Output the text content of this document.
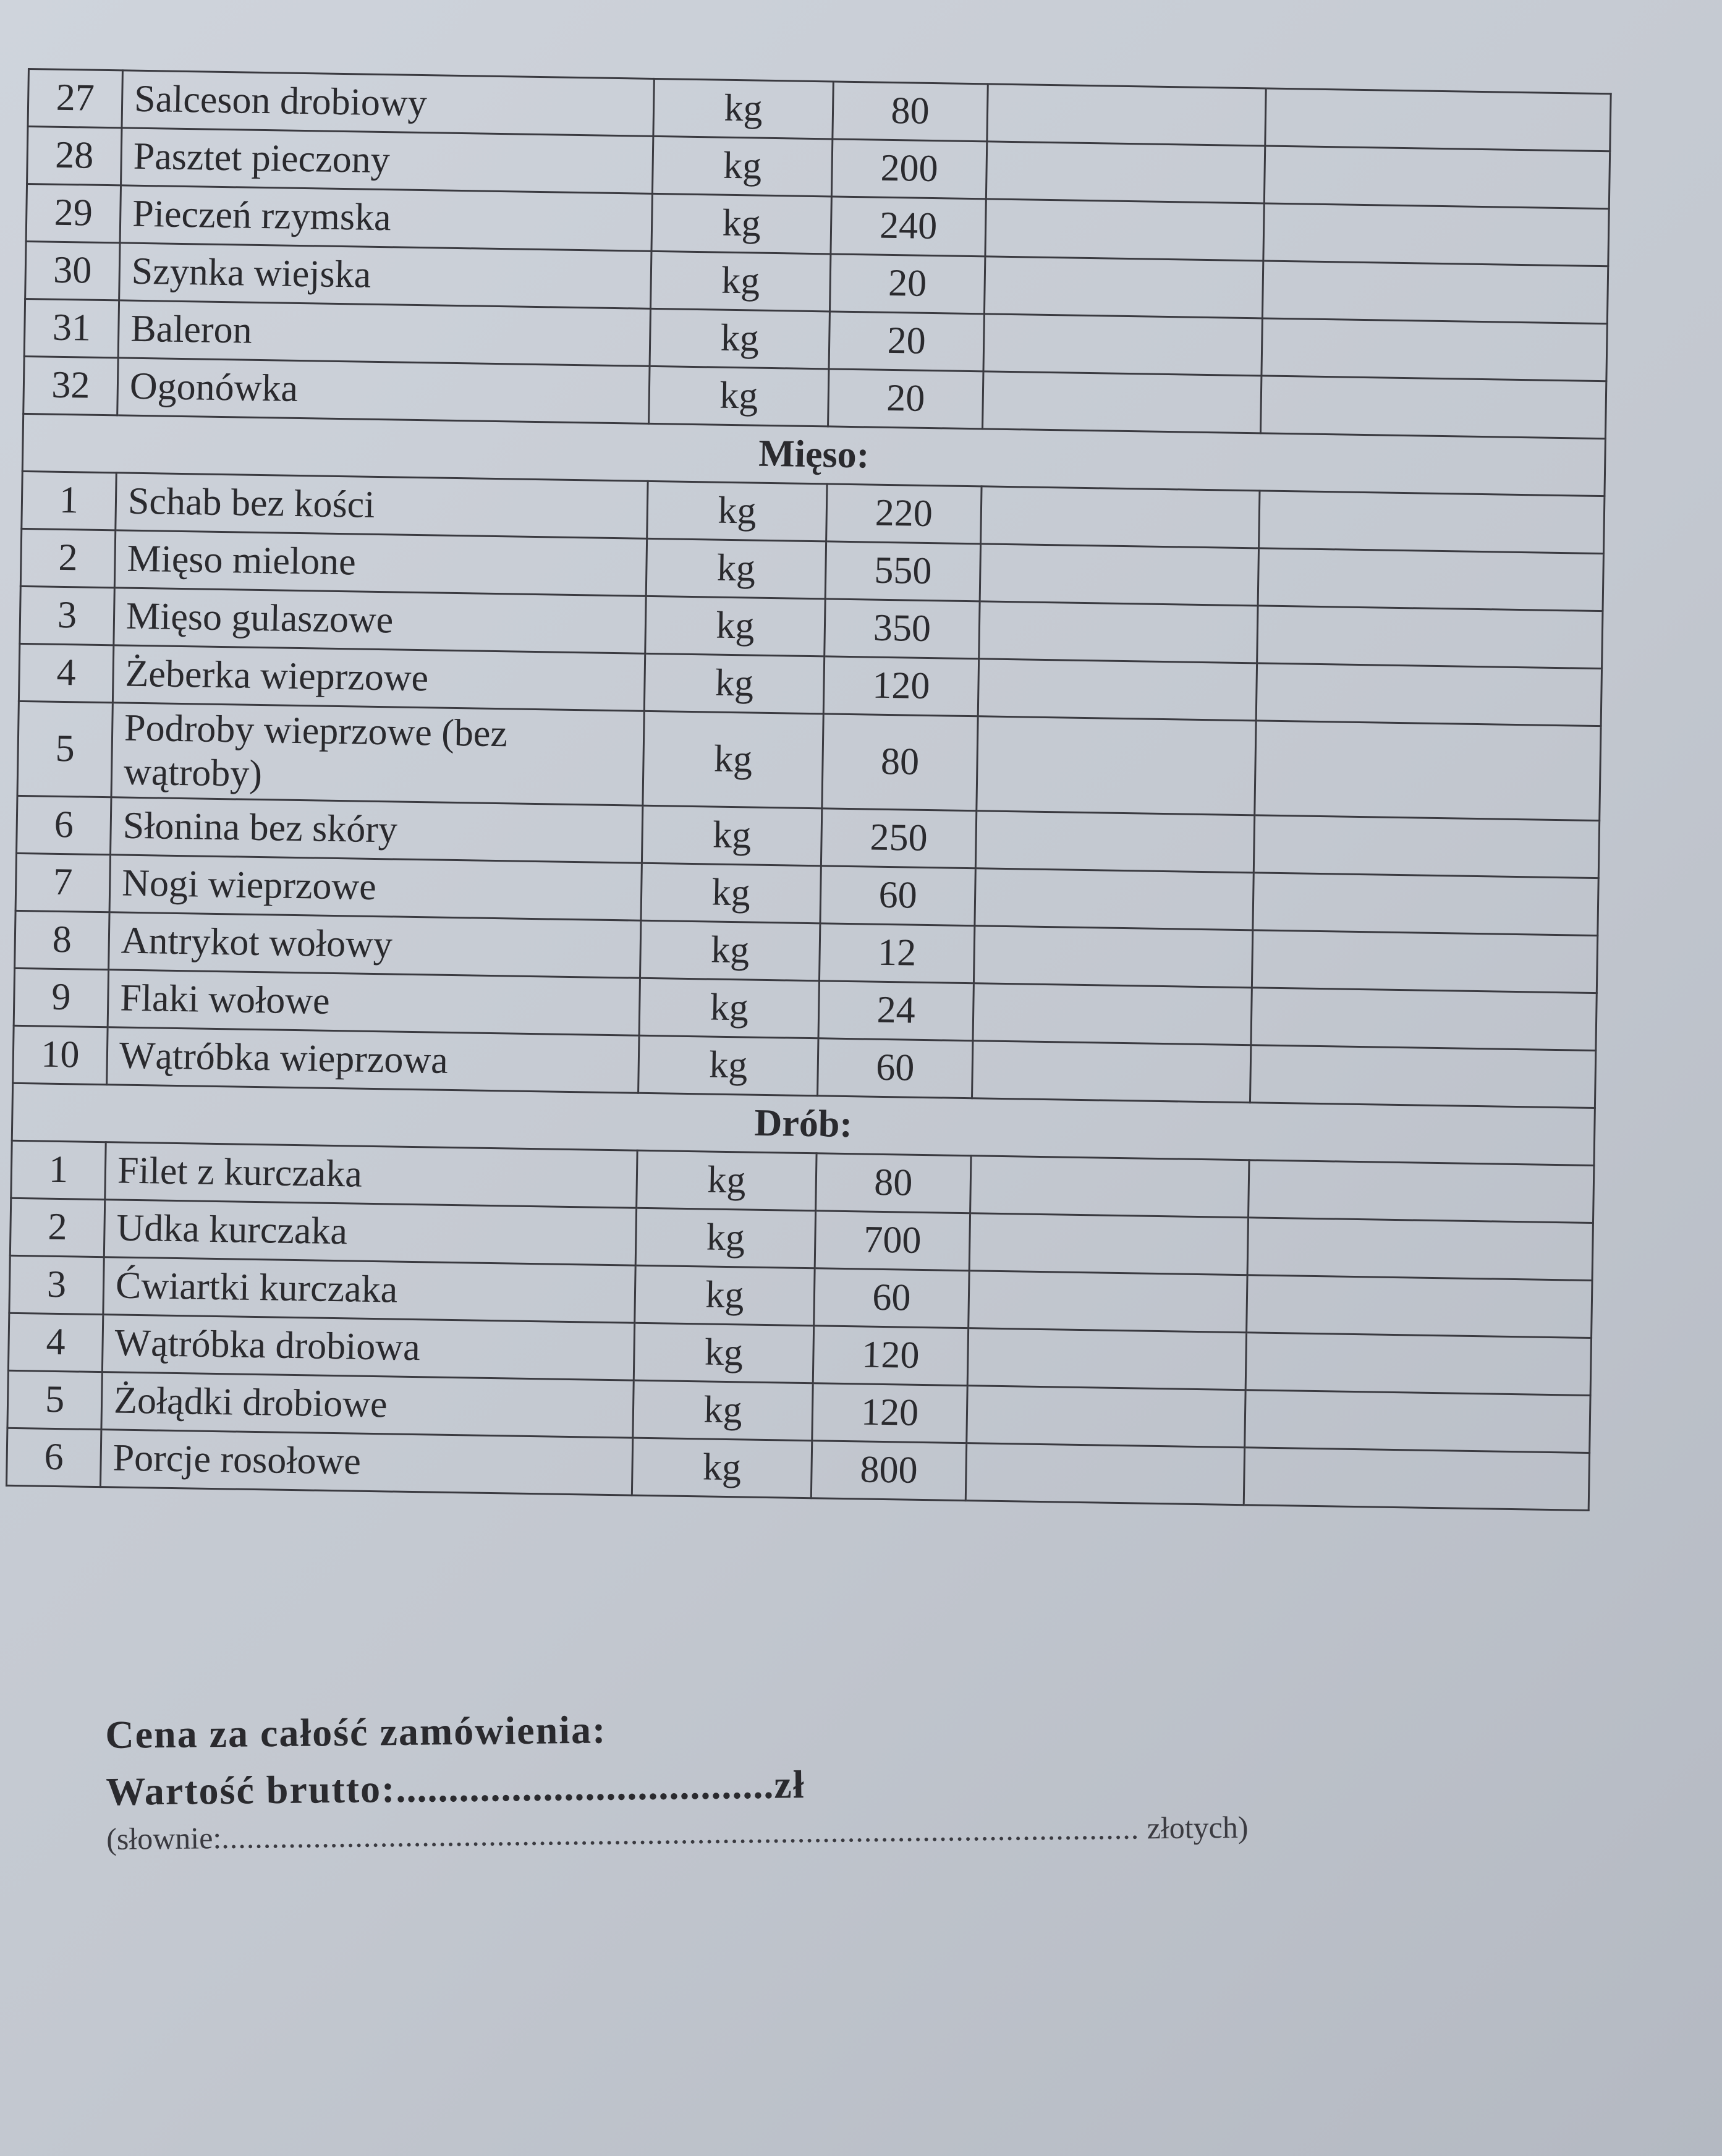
27	Salceson drobiowy	kg	80		
28	Pasztet pieczony	kg	200		
29	Pieczeń rzymska	kg	240		
30	Szynka wiejska	kg	20		
31	Baleron	kg	20		
32	Ogonówka	kg	20		
Mięso:					
1	Schab bez kości	kg	220		
2	Mięso mielone	kg	550		
3	Mięso gulaszowe	kg	350		
4	Żeberka wieprzowe	kg	120		
5	Podroby wieprzowe (bez wątroby)	kg	80		
6	Słonina bez skóry	kg	250		
7	Nogi wieprzowe	kg	60		
8	Antrykot wołowy	kg	12		
9	Flaki wołowe	kg	24		
10	Wątróbka wieprzowa	kg	60		
Drób:					
1	Filet z kurczaka	kg	80		
2	Udka kurczaka	kg	700		
3	Ćwiartki kurczaka	kg	60		
4	Wątróbka drobiowa	kg	120		
5	Żołądki drobiowe	kg	120		
6	Porcje rosołowe	kg	800		

Cena za całość zamówienia:

Wartość brutto:....................................zł

(słownie:.............................................................................................................. złotych)
